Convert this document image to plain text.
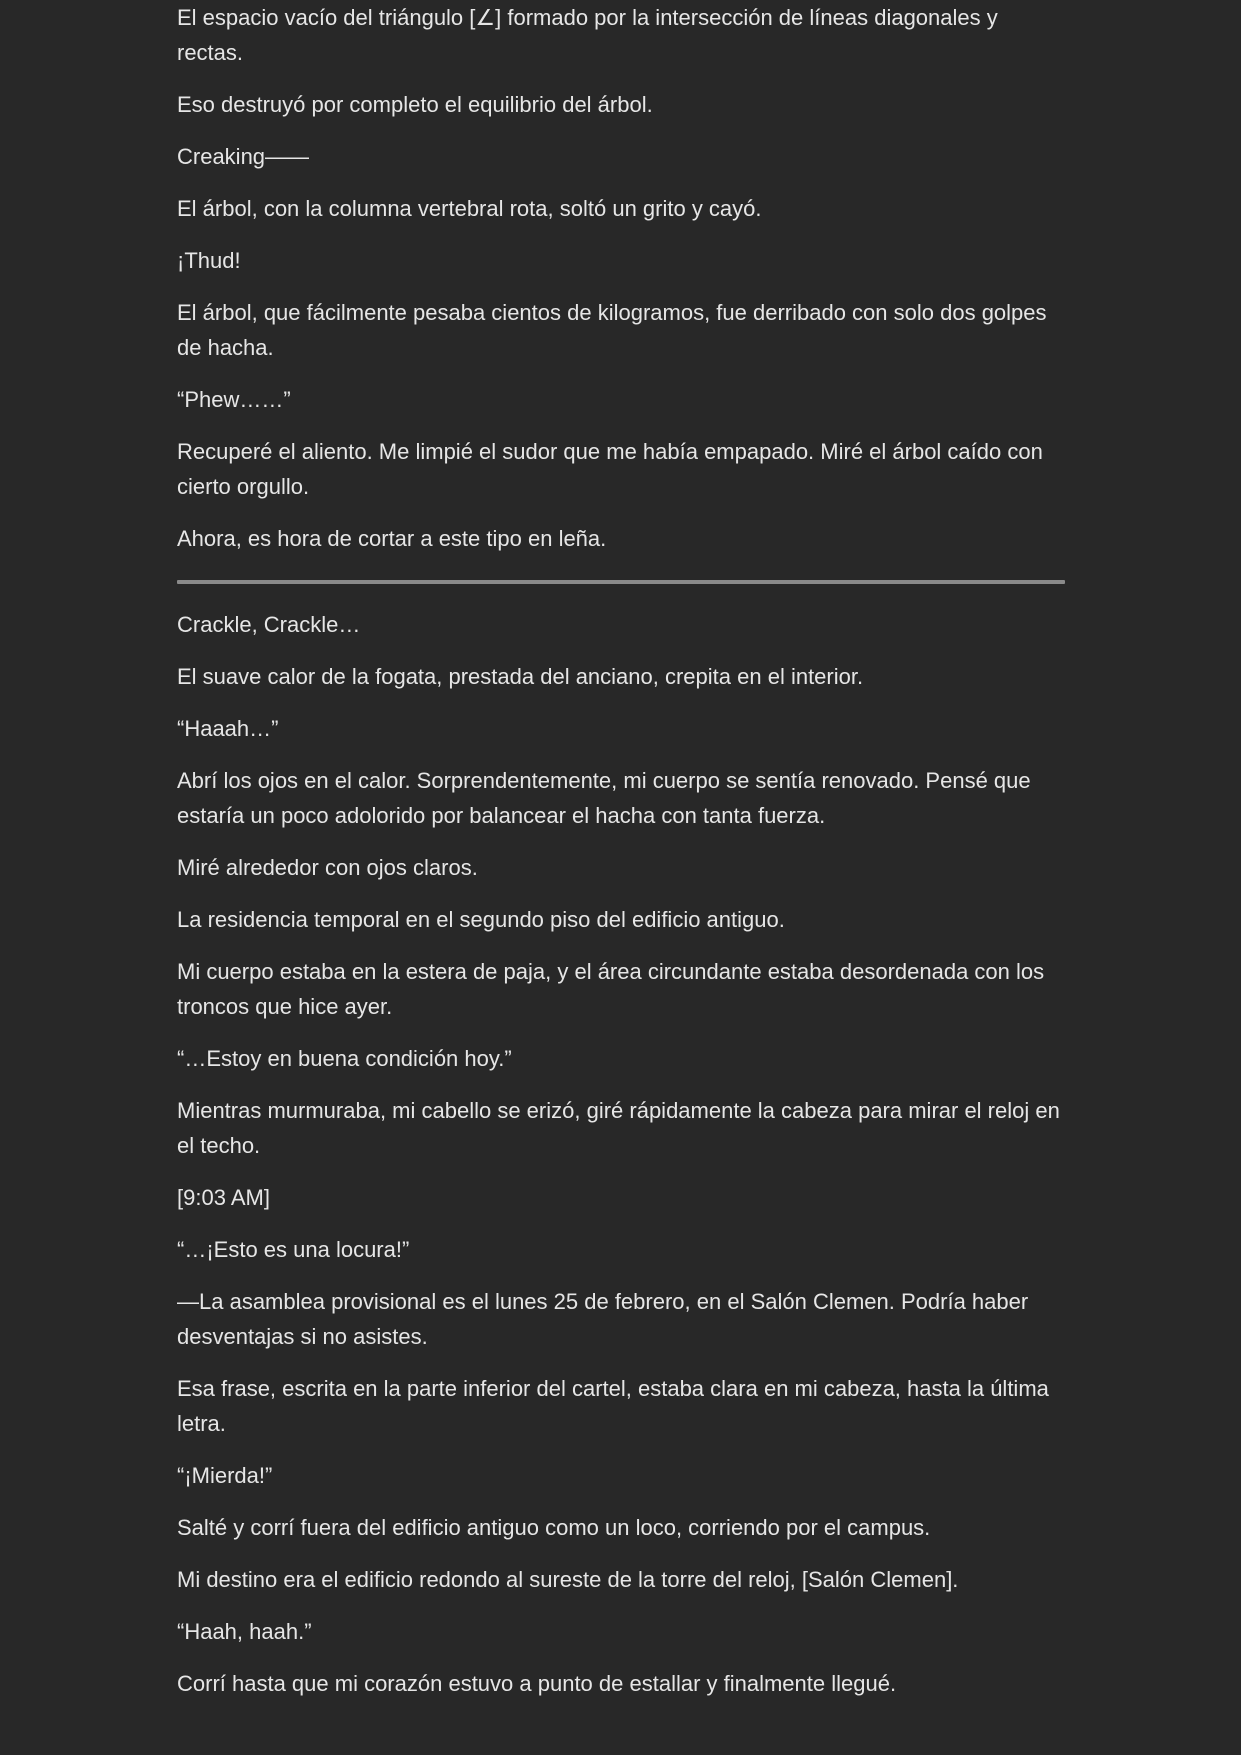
El espacio vacío del triángulo [∠] formado por la intersección de líneas diagonales y rectas.

Eso destruyó por completo el equilibrio del árbol.

Creaking——

El árbol, con la columna vertebral rota, soltó un grito y cayó.

¡Thud!

El árbol, que fácilmente pesaba cientos de kilogramos, fue derribado con solo dos golpes de hacha.

“Phew……”

Recuperé el aliento. Me limpié el sudor que me había empapado. Miré el árbol caído con cierto orgullo.

Ahora, es hora de cortar a este tipo en leña.

Crackle, Crackle…

El suave calor de la fogata, prestada del anciano, crepita en el interior.

“Haaah…”

Abrí los ojos en el calor. Sorprendentemente, mi cuerpo se sentía renovado. Pensé que estaría un poco adolorido por balancear el hacha con tanta fuerza.

Miré alrededor con ojos claros.

La residencia temporal en el segundo piso del edificio antiguo.

Mi cuerpo estaba en la estera de paja, y el área circundante estaba desordenada con los troncos que hice ayer.

“…Estoy en buena condición hoy.”

Mientras murmuraba, mi cabello se erizó, giré rápidamente la cabeza para mirar el reloj en el techo.

[9:03 AM]

“…¡Esto es una locura!”

—La asamblea provisional es el lunes 25 de febrero, en el Salón Clemen. Podría haber desventajas si no asistes.

Esa frase, escrita en la parte inferior del cartel, estaba clara en mi cabeza, hasta la última letra.

“¡Mierda!”

Salté y corrí fuera del edificio antiguo como un loco, corriendo por el campus.

Mi destino era el edificio redondo al sureste de la torre del reloj, [Salón Clemen].

“Haah, haah.”

Corrí hasta que mi corazón estuvo a punto de estallar y finalmente llegué.
